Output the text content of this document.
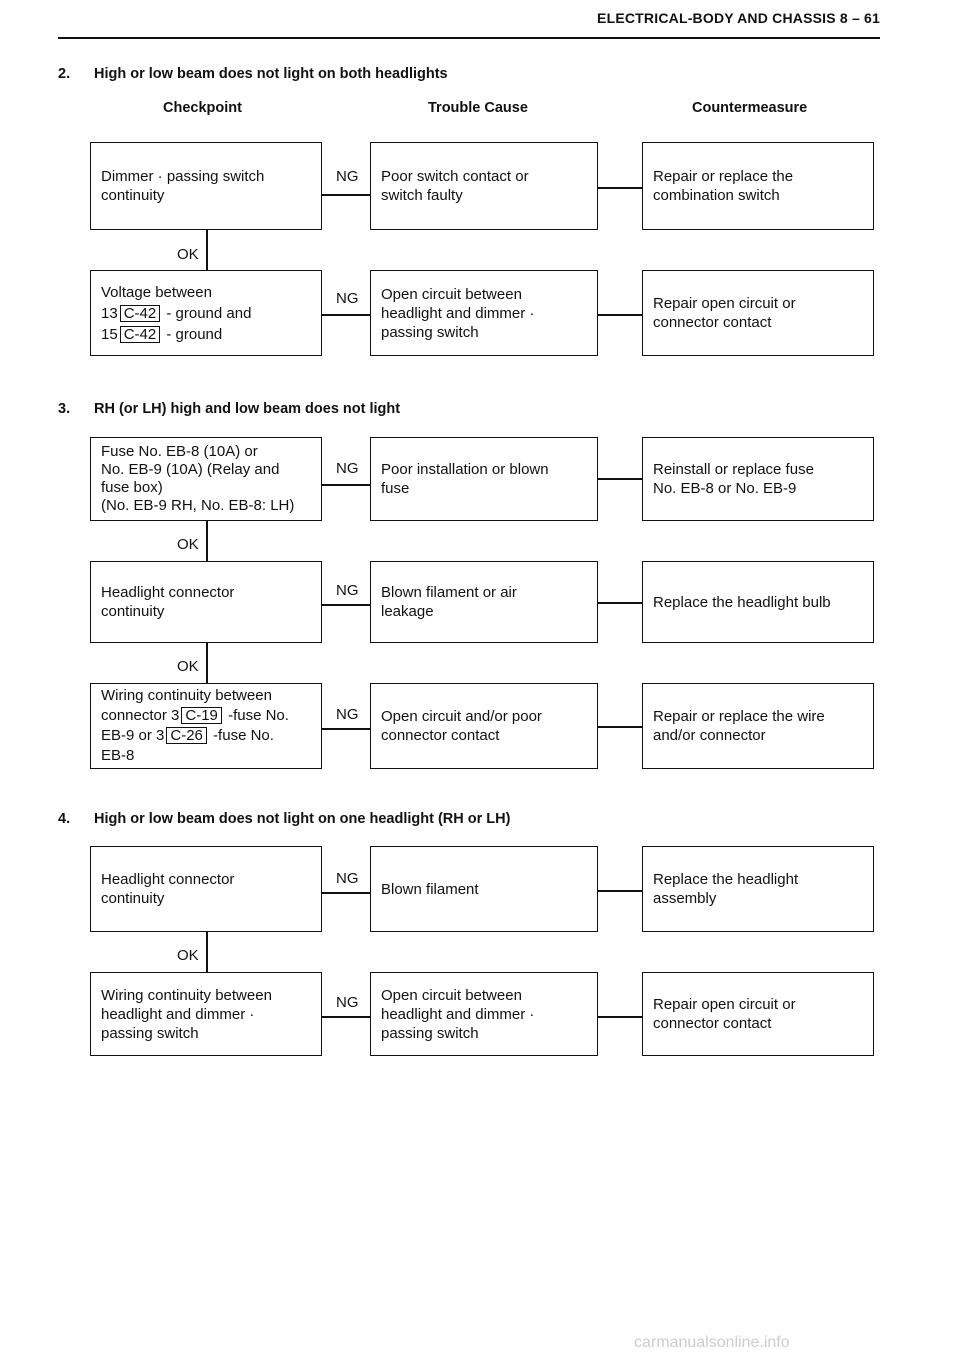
ELECTRICAL-BODY AND CHASSIS 8 – 61
2. High or low beam does not light on both headlights
Checkpoint	Trouble Cause	Countermeasure
Dimmer · passing switch
continuity
Poor switch contact or
switch faulty
Repair or replace the
combination switch
NG
OK
Voltage between
13 C-42 - ground and
15 C-42 - ground
Open circuit between
headlight and dimmer ·
passing switch
Repair open circuit or
connector contact
NG
3. RH (or LH) high and low beam does not light
Fuse No. EB-8 (10A) or
No. EB-9 (10A) (Relay and
fuse box)
(No. EB-9 RH, No. EB-8: LH)
Poor installation or blown
fuse
Reinstall or replace fuse
No. EB-8 or No. EB-9
NG
OK
Headlight connector
continuity
Blown filament or air
leakage
Replace the headlight bulb
NG
OK
Wiring continuity between
connector 3 C-19 -fuse No.
EB-9 or 3 C-26 -fuse No.
EB-8
Open circuit and/or poor
connector contact
Repair or replace the wire
and/or connector
NG
4. High or low beam does not light on one headlight (RH or LH)
Headlight connector
continuity
Blown filament
Replace the headlight
assembly
NG
OK
Wiring continuity between
headlight and dimmer ·
passing switch
Open circuit between
headlight and dimmer ·
passing switch
Repair open circuit or
connector contact
NG
carmanualsonline.info
